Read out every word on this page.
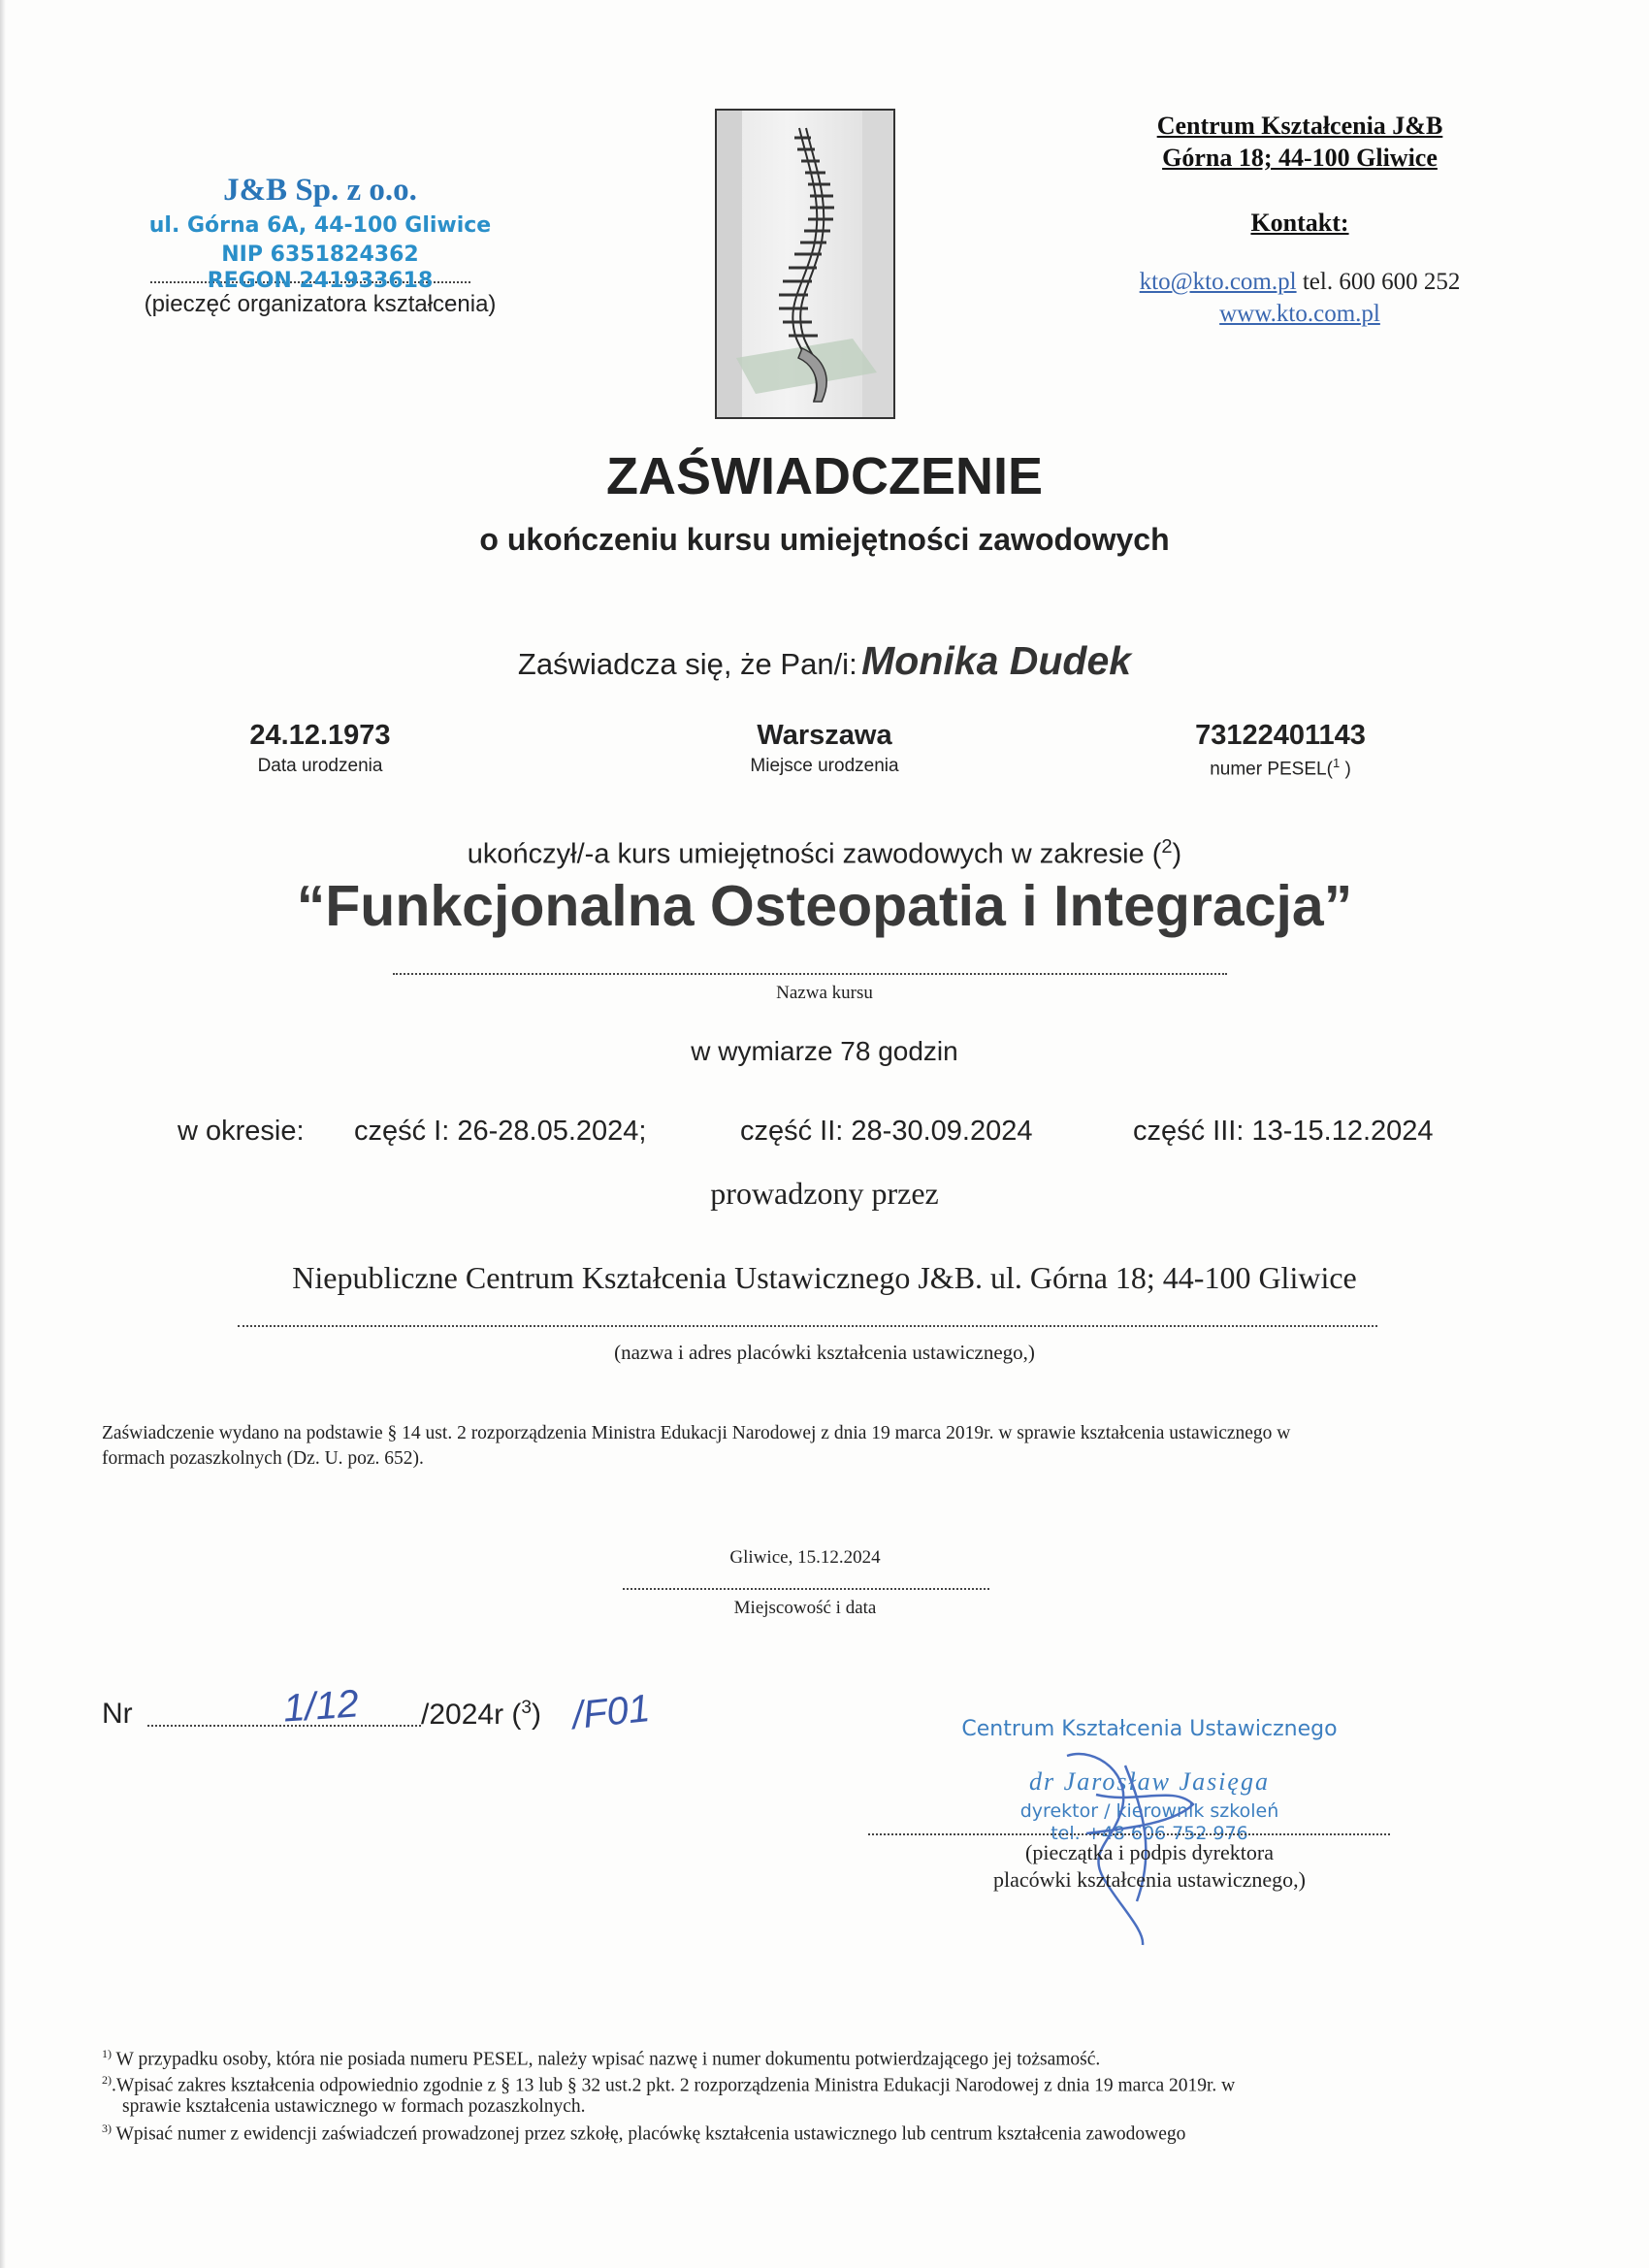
J&B Sp. z o.o.
ul. Górna 6A, 44-100 Gliwice
NIP 6351824362
REGON 241933618
(pieczęć organizatora kształcenia)
Centrum Kształcenia J&B
Górna 18; 44-100 Gliwice
Kontakt:
kto@kto.com.pl tel. 600 600 252
www.kto.com.pl
ZAŚWIADCZENIE
o ukończeniu kursu umiejętności zawodowych
Zaświadcza się, że Pan/i: Monika Dudek
24.12.1973
Data urodzenia
Warszawa
Miejsce urodzenia
73122401143
numer PESEL($^1$ )
ukończył/-a kurs umiejętności zawodowych w zakresie ($^2$)
“Funkcjonalna Osteopatia i Integracja”
Nazwa kursu
w wymiarze 78 godzin
w okresie: część I: 26-28.05.2024;	część II: 28-30.09.2024	część III: 13-15.12.2024
prowadzony przez
Niepubliczne Centrum Kształcenia Ustawicznego J&B. ul. Górna 18; 44-100 Gliwice
(nazwa i adres placówki kształcenia ustawicznego,)
Zaświadczenie wydano na podstawie § 14 ust. 2 rozporządzenia Ministra Edukacji Narodowej z dnia 19 marca 2019r. w sprawie kształcenia ustawicznego w
formach pozaszkolnych (Dz. U. poz. 652).
Gliwice, 15.12.2024
Miejscowość i data
Nr	1/12 /2024r ($^3$) /F01	Centrum Kształcenia Ustawicznego
dr Jarosław Jasięga
dyrektor / kierownik szkoleń
tel. +48 606 752 976
(pieczątka i podpis dyrektora
placówki kształcenia ustawicznego,)
$^{1)}$ W przypadku osoby, która nie posiada numeru PESEL, należy wpisać nazwę i numer dokumentu potwierdzającego jej tożsamość.
$^{2)}$.Wpisać zakres kształcenia odpowiednio zgodnie z § 13 lub § 32 ust.2 pkt. 2 rozporządzenia Ministra Edukacji Narodowej z dnia 19 marca 2019r. w
sprawie kształcenia ustawicznego w formach pozaszkolnych.
$^{3)}$ Wpisać numer z ewidencji zaświadczeń prowadzonej przez szkołę, placówkę kształcenia ustawicznego lub centrum kształcenia zawodowego
